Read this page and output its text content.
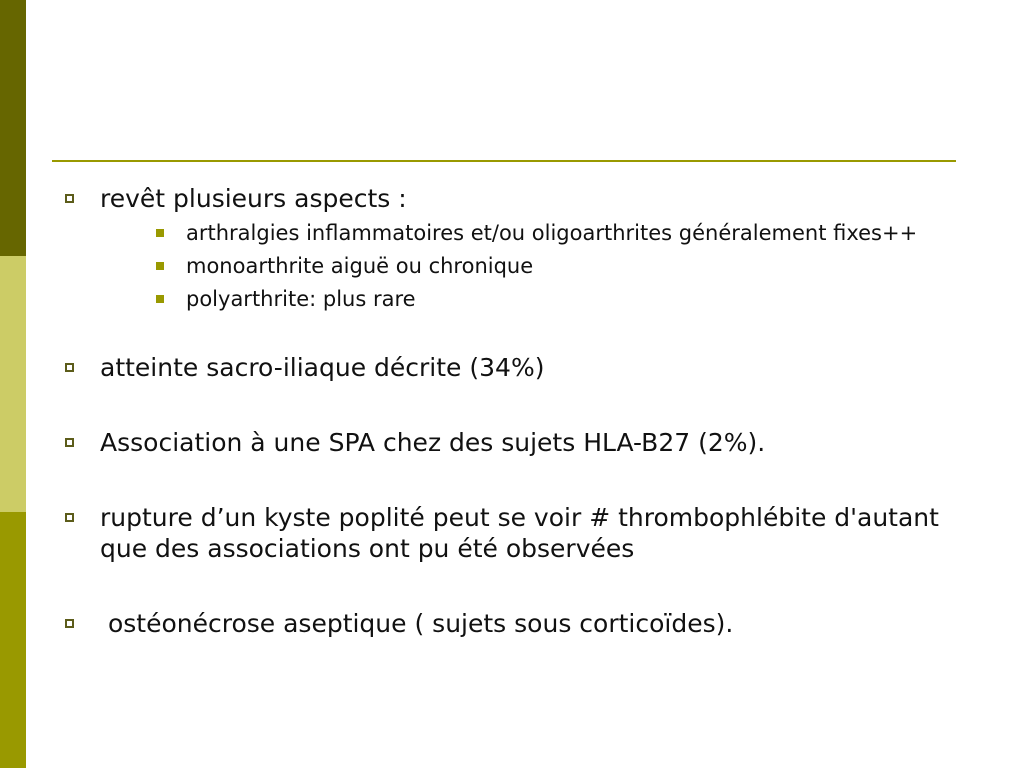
revêt plusieurs aspects :
arthralgies inflammatoires et/ou oligoarthrites généralement fixes++
monoarthrite aiguë ou chronique
polyarthrite: plus rare
atteinte sacro-iliaque décrite (34%)
Association à une SPA chez des sujets HLA-B27 (2%).
rupture d’un kyste poplité peut se voir # thrombophlébite d'autant que des associations ont pu été observées
ostéonécrose aseptique ( sujets sous corticoïdes).
